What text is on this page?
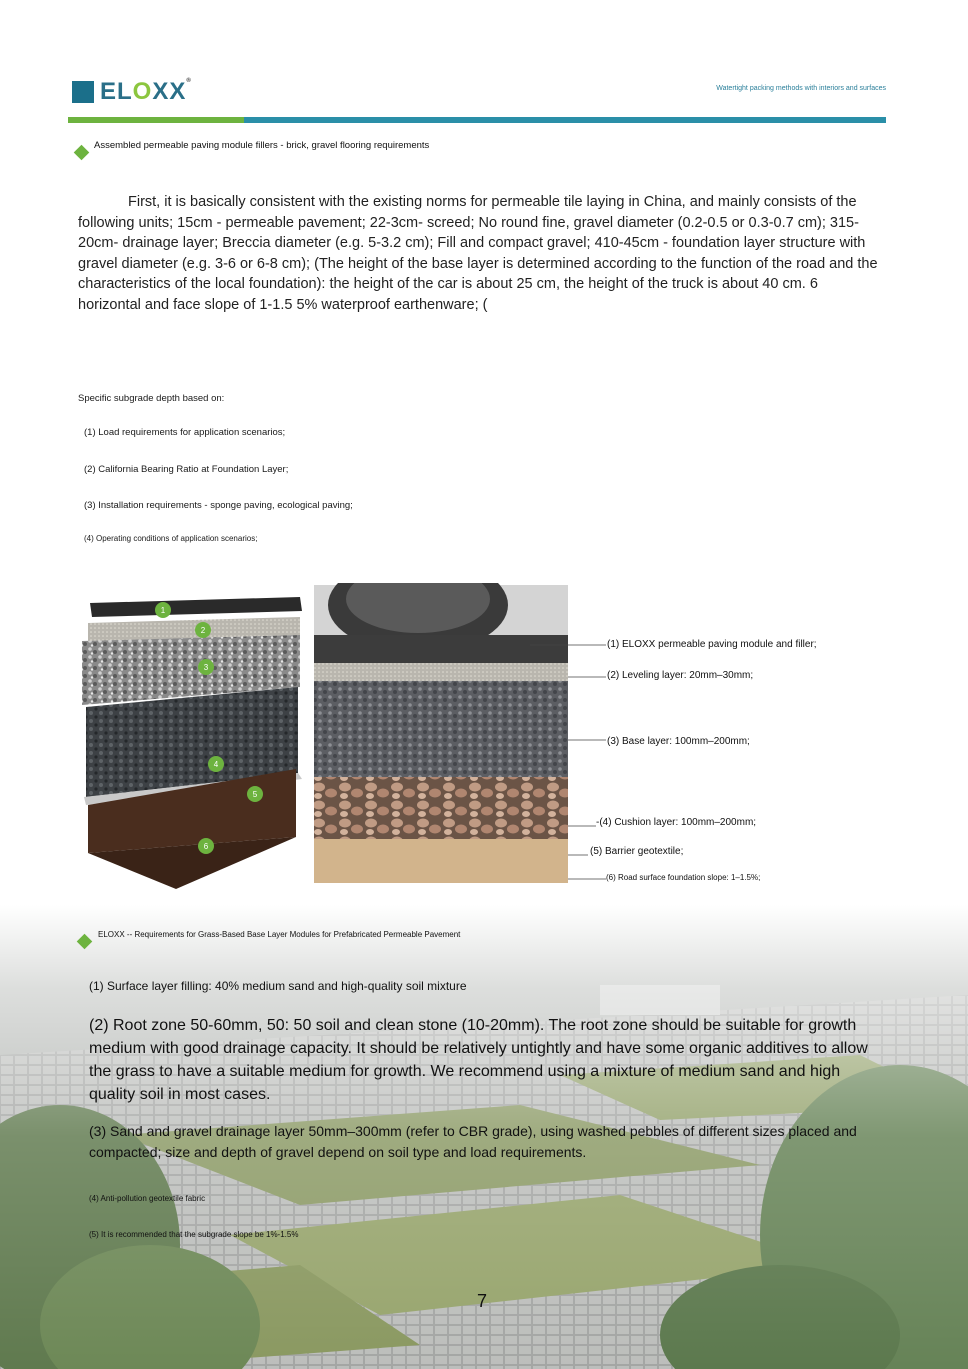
ELOXX®
Watertight packing methods with interiors and surfaces
Assembled permeable paving module fillers - brick, gravel flooring requirements
First, it is basically consistent with the existing norms for permeable tile laying in China, and mainly consists of the following units; 15cm - permeable pavement; 22-3cm- screed; No round fine, gravel diameter (0.2-0.5 or 0.3-0.7 cm); 315-20cm- drainage layer; Breccia diameter (e.g. 5-3.2 cm); Fill and compact gravel; 410-45cm - foundation layer structure with gravel diameter (e.g. 3-6 or 6-8 cm); (The height of the base layer is determined according to the function of the road and the characteristics of the local foundation): the height of the car is about 25 cm, the height of the truck is about 40 cm. 6 horizontal and face slope of 1-1.5 5% waterproof earthenware; (
Specific subgrade depth based on:
(1) Load requirements for application scenarios;
(2) California Bearing Ratio at Foundation Layer;
(3) Installation requirements - sponge paving, ecological paving;
(4) Operating conditions of application scenarios;
1
2
3
4
5
6
(1) ELOXX permeable paving module and filler;
(2) Leveling layer: 20mm–30mm;
(3) Base layer: 100mm–200mm;
-(4) Cushion layer: 100mm–200mm;
(5) Barrier geotextile;
(6) Road surface foundation slope: 1–1.5%;
ELOXX -- Requirements for Grass-Based Base Layer Modules for Prefabricated Permeable Pavement
(1) Surface layer filling: 40% medium sand and high-quality soil mixture
(2) Root zone 50-60mm, 50: 50 soil and clean stone (10-20mm). The root zone should be suitable for growth medium with good drainage capacity. It should be relatively untightly and have some organic additives to allow the grass to have a suitable medium for growth. We recommend using a mixture of medium sand and high quality soil in most cases.
(3) Sand and gravel drainage layer 50mm–300mm (refer to CBR grade), using washed pebbles of different sizes placed and compacted; size and depth of gravel depend on soil type and load requirements.
(4) Anti-pollution geotextile fabric
(5) It is recommended that the subgrade slope be 1%-1.5%
7
